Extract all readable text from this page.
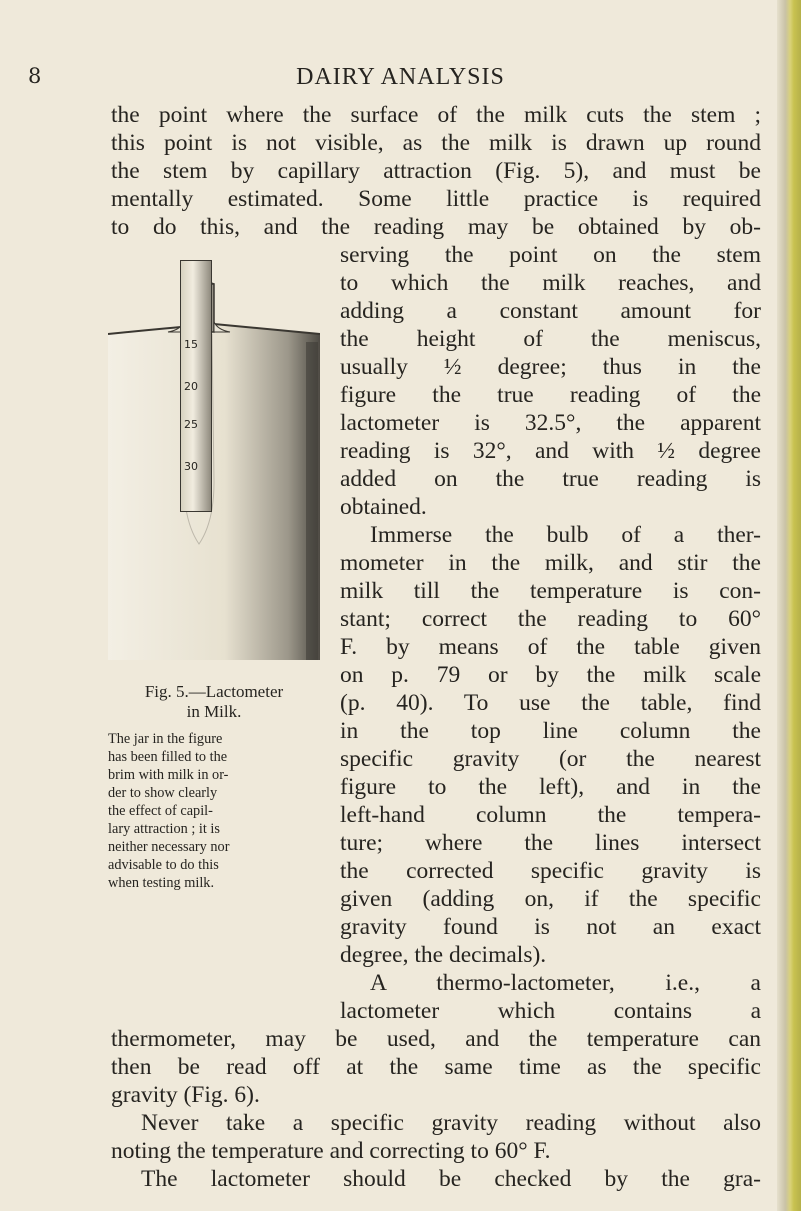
8	DAIRY ANALYSIS
the point where the surface of the milk cuts the stem ;
this point is not visible, as the milk is drawn up round
the stem by capillary attraction (Fig. 5), and must be
mentally estimated. Some little practice is required
to do this, and the reading may be obtained by ob-
serving the point on the stem
to which the milk reaches, and
adding a constant amount for
the height of the meniscus,
usually ½ degree; thus in the
figure the true reading of the
lactometer is 32.5°, the apparent
reading is 32°, and with ½ degree
added on the true reading is
obtained.
Immerse the bulb of a ther-
mometer in the milk, and stir the
milk till the temperature is con-
stant; correct the reading to 60°
F. by means of the table given
on p. 79 or by the milk scale
(p. 40). To use the table, find
in the top line column the
specific gravity (or the nearest
figure to the left), and in the
left-hand column the tempera-
ture; where the lines intersect
the corrected specific gravity is
given (adding on, if the specific
gravity found is not an exact
degree, the decimals).
A thermo-lactometer, i.e., a
lactometer which contains a
thermometer, may be used, and the temperature can
then be read off at the same time as the specific
gravity (Fig. 6).
Never take a specific gravity reading without also
noting the temperature and correcting to 60° F.
The lactometer should be checked by the gra-
15
20
25
30
Fig. 5.—Lactometer
in Milk.
The jar in the figure
has been filled to the
brim with milk in or-
der to show clearly
the effect of capil-
lary attraction ; it is
neither necessary nor
advisable to do this
when testing milk.
